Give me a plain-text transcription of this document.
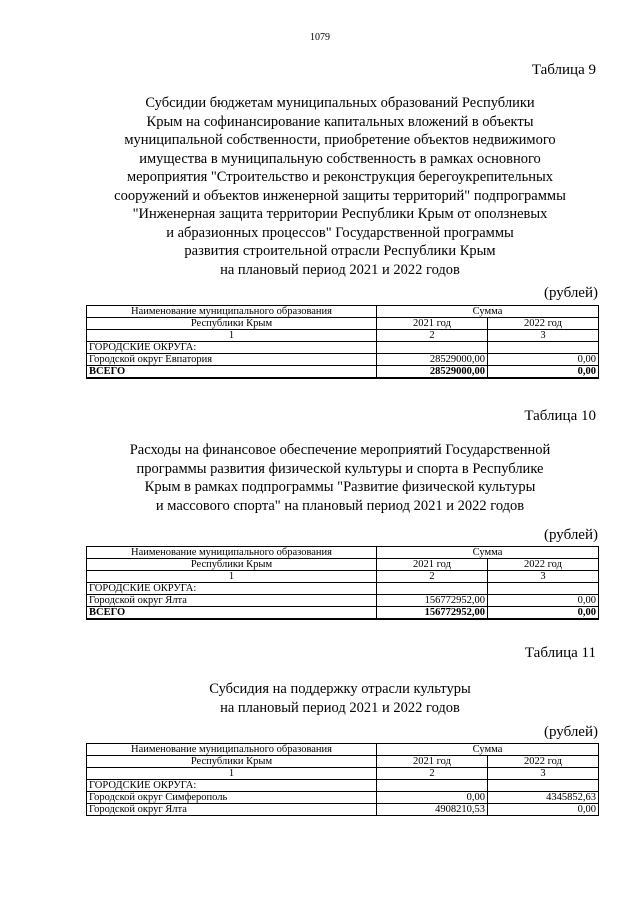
1079
Таблица 9
Субсидии бюджетам муниципальных образований Республики
Крым на софинансирование капитальных вложений в объекты
муниципальной собственности, приобретение объектов недвижимого
имущества в муниципальную собственность в рамках основного
мероприятия "Строительство и реконструкция берегоукрепительных
сооружений и объектов инженерной защиты территорий" подпрограммы
"Инженерная защита территории Республики Крым от оползневых
и абразионных процессов" Государственной программы
развития строительной отрасли Республики Крым
на плановый период 2021 и 2022 годов
(рублей)
Наименование муниципального образования	Сумма	
Республики Крым	2021 год	2022 год
1	2	3
ГОРОДСКИЕ ОКРУГА:		
Городской округ Евпатория	28529000,00	0,00
ВСЕГО	28529000,00	0,00
Таблица 10
Расходы на финансовое обеспечение мероприятий Государственной
программы развития физической культуры и спорта в Республике
Крым в рамках подпрограммы "Развитие физической культуры
и массового спорта" на плановый период 2021 и 2022 годов
(рублей)
Наименование муниципального образования	Сумма	
Республики Крым	2021 год	2022 год
1	2	3
ГОРОДСКИЕ ОКРУГА:		
Городской округ Ялта	156772952,00	0,00
ВСЕГО	156772952,00	0,00
Таблица 11
Субсидия на поддержку отрасли культуры
на плановый период 2021 и 2022 годов
(рублей)
Наименование муниципального образования	Сумма	
Республики Крым	2021 год	2022 год
1	2	3
ГОРОДСКИЕ ОКРУГА:		
Городской округ Симферополь	0,00	4345852,63
Городской округ Ялта	4908210,53	0,00
